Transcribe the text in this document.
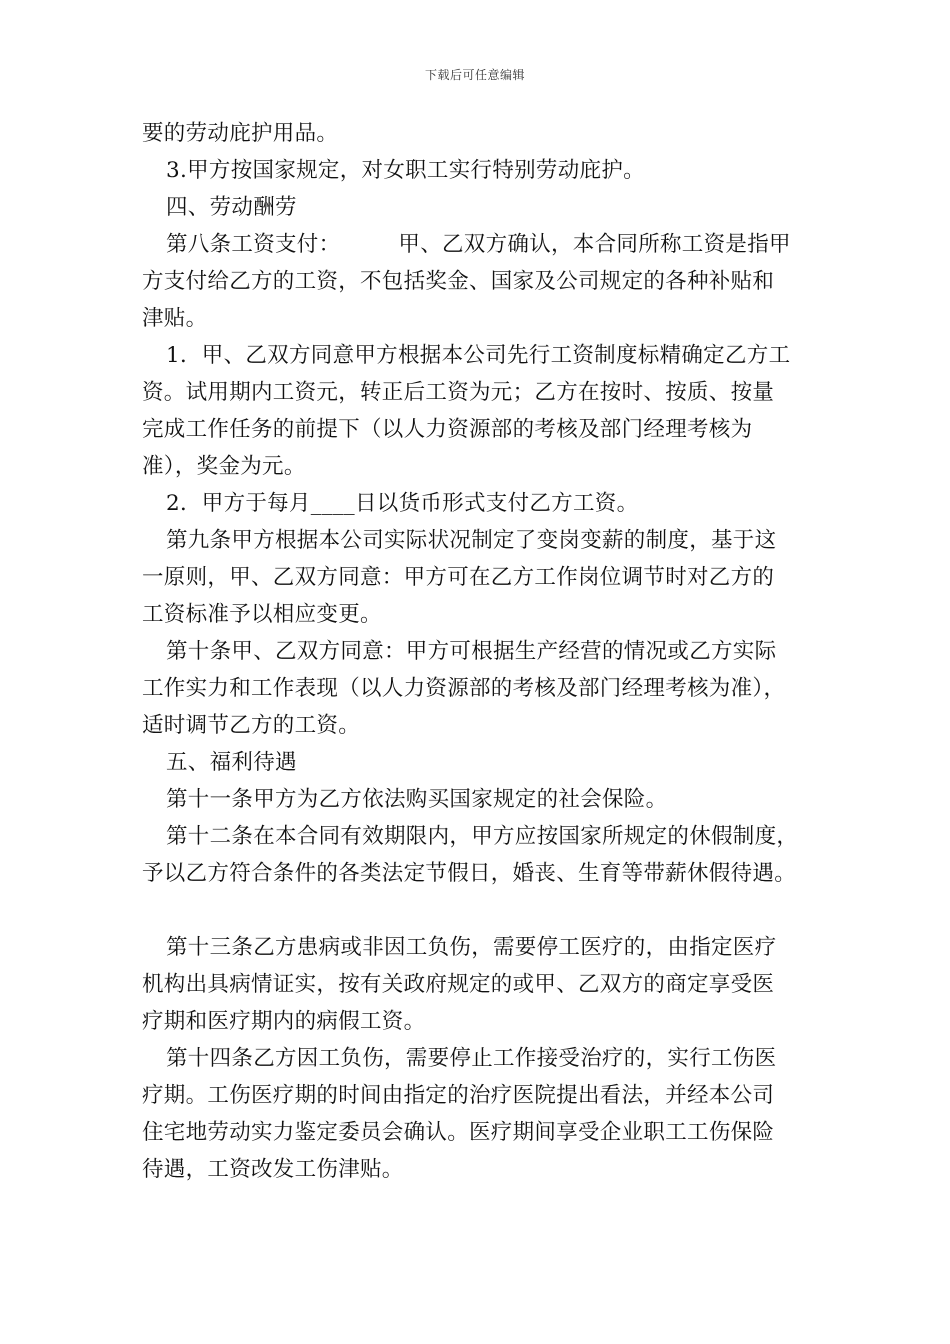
下载后可任意编辑
要的劳动庇护用品。
3.甲方按国家规定，对女职工实行特别劳动庇护。
四、劳动酬劳
第八条工资支付：	甲、乙双方确认，本合同所称工资是指甲
方支付给乙方的工资，不包括奖金、国家及公司规定的各种补贴和
津贴。
1．甲、乙双方同意甲方根据本公司先行工资制度标精确定乙方工
资。试用期内工资元，转正后工资为元；乙方在按时、按质、按量
完成工作任务的前提下（以人力资源部的考核及部门经理考核为
准），奖金为元。
2．甲方于每月____日以货币形式支付乙方工资。
第九条甲方根据本公司实际状况制定了变岗变薪的制度，基于这
一原则，甲、乙双方同意：甲方可在乙方工作岗位调节时对乙方的
工资标准予以相应变更。
第十条甲、乙双方同意：甲方可根据生产经营的情况或乙方实际
工作实力和工作表现（以人力资源部的考核及部门经理考核为准），
适时调节乙方的工资。
五、福利待遇
第十一条甲方为乙方依法购买国家规定的社会保险。
第十二条在本合同有效期限内，甲方应按国家所规定的休假制度，
予以乙方符合条件的各类法定节假日，婚丧、生育等带薪休假待遇。
第十三条乙方患病或非因工负伤，需要停工医疗的，由指定医疗
机构出具病情证实，按有关政府规定的或甲、乙双方的商定享受医
疗期和医疗期内的病假工资。
第十四条乙方因工负伤，需要停止工作接受治疗的，实行工伤医
疗期。工伤医疗期的时间由指定的治疗医院提出看法，并经本公司
住宅地劳动实力鉴定委员会确认。医疗期间享受企业职工工伤保险
待遇，工资改发工伤津贴。
